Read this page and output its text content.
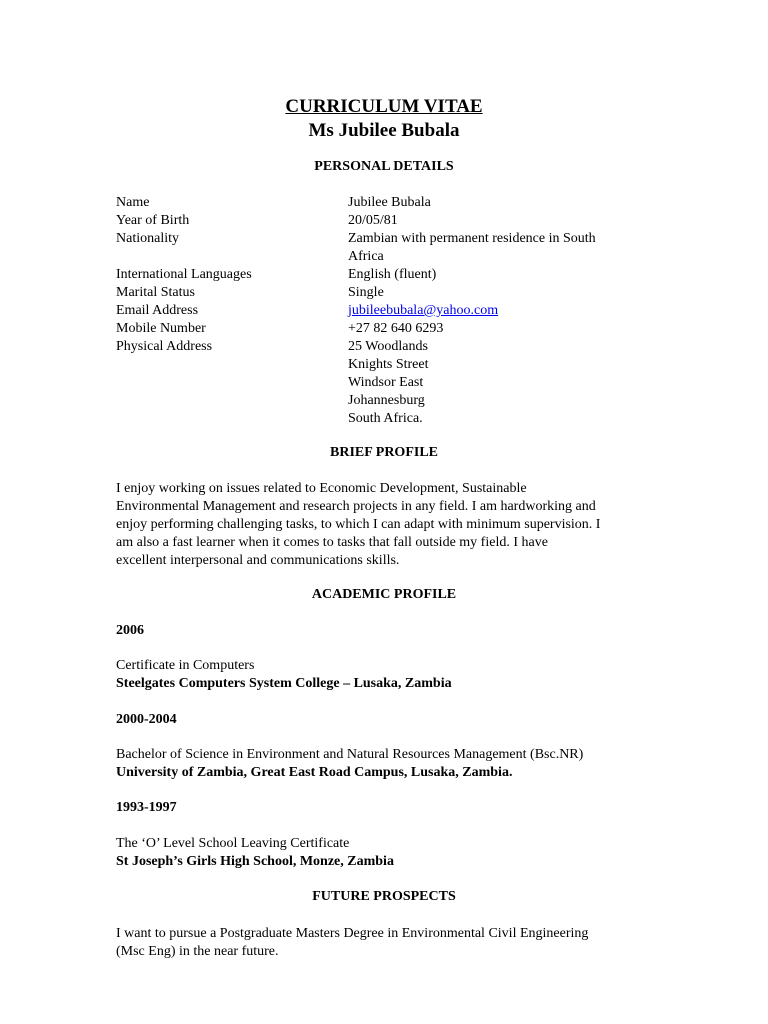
CURRICULUM VITAE
Ms Jubilee Bubala
PERSONAL DETAILS
Name	Jubilee Bubala
Year of Birth	20/05/81
Nationality	Zambian with permanent residence in South
Africa
International Languages	English (fluent)
Marital Status	Single
Email Address	jubileebubala@yahoo.com
Mobile Number	+27 82 640 6293
Physical Address	25 Woodlands
Knights Street
Windsor East
Johannesburg
South Africa.
BRIEF PROFILE
I enjoy working on issues related to Economic Development, Sustainable
Environmental Management and research projects in any field. I am hardworking and
enjoy performing challenging tasks, to which I can adapt with minimum supervision. I
am also a fast learner when it comes to tasks that fall outside my field. I have
excellent interpersonal and communications skills.
ACADEMIC PROFILE
2006
Certificate in Computers
Steelgates Computers System College – Lusaka, Zambia
2000-2004
Bachelor of Science in Environment and Natural Resources Management (Bsc.NR)
University of Zambia, Great East Road Campus, Lusaka, Zambia.
1993-1997
The ‘O’ Level School Leaving Certificate
St Joseph’s Girls High School, Monze, Zambia
FUTURE PROSPECTS
I want to pursue a Postgraduate Masters Degree in Environmental Civil Engineering
(Msc Eng) in the near future.
